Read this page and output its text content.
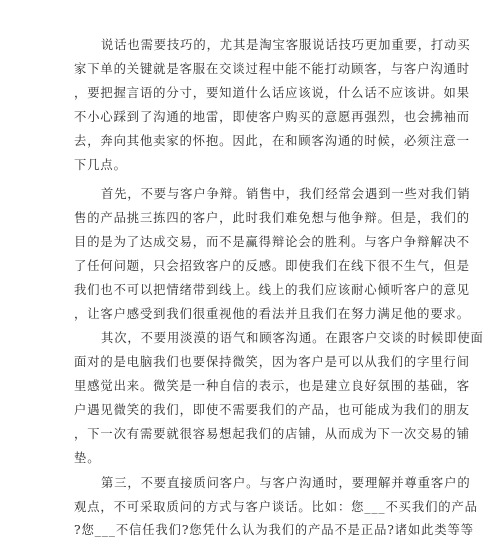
说话也需要技巧的，尤其是淘宝客服说话技巧更加重要，打动买
家下单的关键就是客服在交谈过程中能不能打动顾客，与客户沟通时
，要把握言语的分寸，要知道什么话应该说，什么话不应该讲。如果
不小心踩到了沟通的地雷，即使客户购买的意愿再强烈，也会拂袖而
去，奔向其他卖家的怀抱。因此，在和顾客沟通的时候，必须注意一
下几点。
首先，不要与客户争辩。销售中，我们经常会遇到一些对我们销
售的产品挑三拣四的客户，此时我们难免想与他争辩。但是，我们的
目的是为了达成交易，而不是赢得辩论会的胜利。与客户争辩解决不
了任何问题，只会招致客户的反感。即使我们在线下很不生气，但是
我们也不可以把情绪带到线上。线上的我们应该耐心倾听客户的意见
，让客户感受到我们很重视他的看法并且我们在努力满足他的要求。
其次，不要用淡漠的语气和顾客沟通。在跟客户交谈的时候即使面
面对的是电脑我们也要保持微笑，因为客户是可以从我们的字里行间
里感觉出来。微笑是一种自信的表示，也是建立良好氛围的基础，客
户遇见微笑的我们，即使不需要我们的产品，也可能成为我们的朋友
，下一次有需要就很容易想起我们的店铺，从而成为下一次交易的铺
垫。
第三，不要直接质问客户。与客户沟通时，要理解并尊重客户的
观点，不可采取质问的方式与客户谈话。比如：您___不买我们的产品
?您___不信任我们?您凭什么认为我们的产品不是正品?诸如此类等等
